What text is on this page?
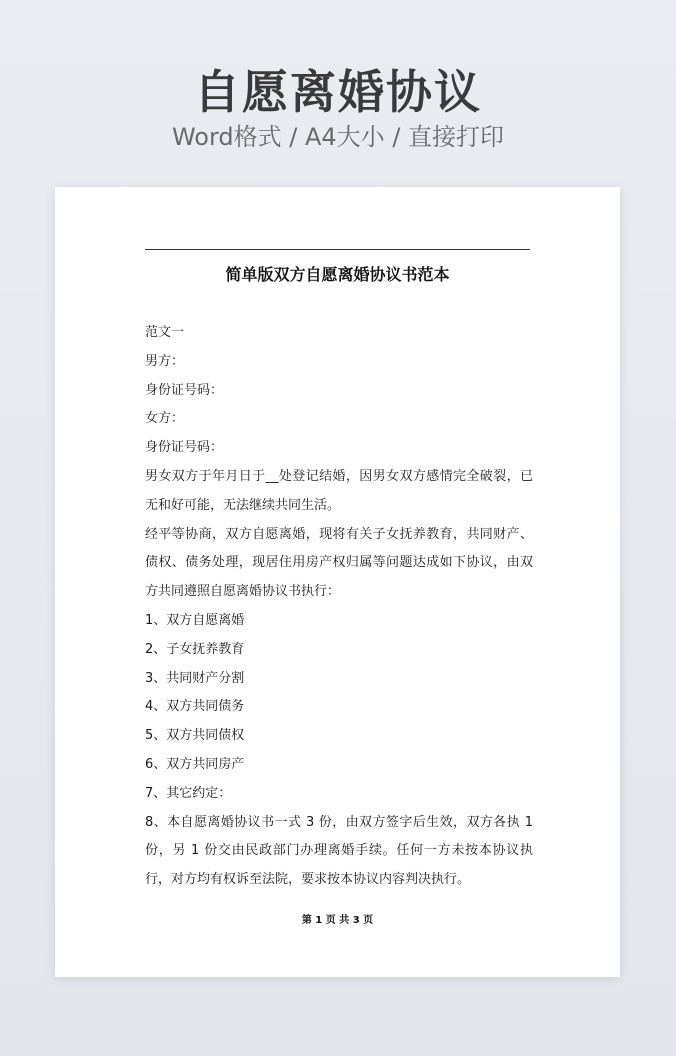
自愿离婚协议
Word格式 / A4大小 / 直接打印
简单版双方自愿离婚协议书范本

范文一

男方：

身份证号码：

女方：

身份证号码：

男女双方于年月日于__处登记结婚，因男女双方感情完全破裂，已无和好可能，无法继续共同生活。

经平等协商，双方自愿离婚，现将有关子女抚养教育，共同财产、债权、债务处理，现居住用房产权归属等问题达成如下协议，由双方共同遵照自愿离婚协议书执行：

1、双方自愿离婚

2、子女抚养教育

3、共同财产分割

4、双方共同债务

5、双方共同债权

6、双方共同房产

7、其它约定：

8、本自愿离婚协议书一式 3 份，由双方签字后生效，双方各执 1 份，另 1 份交由民政部门办理离婚手续。任何一方未按本协议执行，对方均有权诉至法院，要求按本协议内容判决执行。

第 1 页 共 3 页
